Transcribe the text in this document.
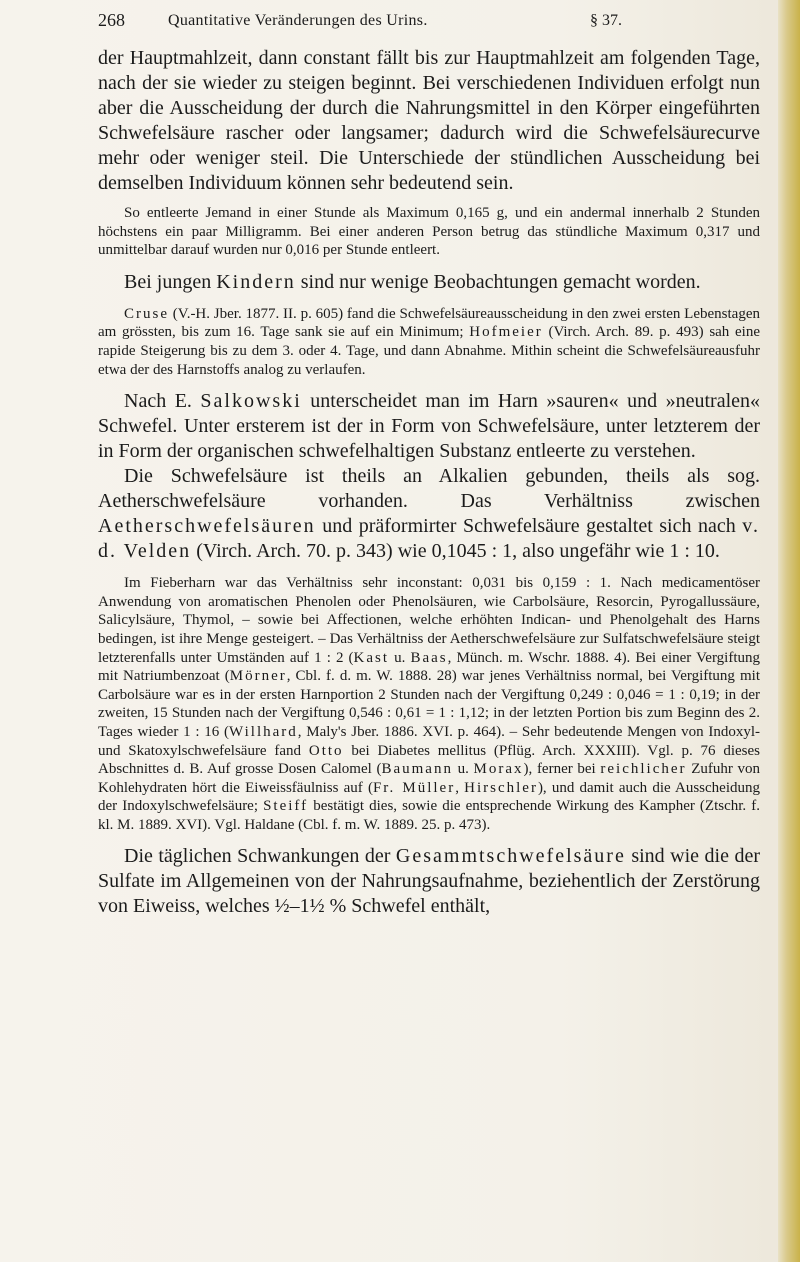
268	Quantitative Veränderungen des Urins.	§ 37.

der Hauptmahlzeit, dann constant fällt bis zur Hauptmahlzeit am folgenden Tage, nach der sie wieder zu steigen beginnt. Bei verschiedenen Individuen erfolgt nun aber die Ausscheidung der durch die Nahrungsmittel in den Körper eingeführten Schwefelsäure rascher oder langsamer; dadurch wird die Schwefelsäurecurve mehr oder weniger steil. Die Unterschiede der stündlichen Ausscheidung bei demselben Individuum können sehr bedeutend sein.

So entleerte Jemand in einer Stunde als Maximum 0,165 g, und ein andermal innerhalb 2 Stunden höchstens ein paar Milligramm. Bei einer anderen Person betrug das stündliche Maximum 0,317 und unmittelbar darauf wurden nur 0,016 per Stunde entleert.

Bei jungen Kindern sind nur wenige Beobachtungen gemacht worden.

Cruse (V.-H. Jber. 1877. II. p. 605) fand die Schwefelsäureausscheidung in den zwei ersten Lebenstagen am grössten, bis zum 16. Tage sank sie auf ein Minimum; Hofmeier (Virch. Arch. 89. p. 493) sah eine rapide Steigerung bis zu dem 3. oder 4. Tage, und dann Abnahme. Mithin scheint die Schwefelsäureausfuhr etwa der des Harnstoffs analog zu verlaufen.

Nach E. Salkowski unterscheidet man im Harn »sauren« und »neutralen« Schwefel. Unter ersterem ist der in Form von Schwefelsäure, unter letzterem der in Form der organischen schwefelhaltigen Substanz entleerte zu verstehen.

Die Schwefelsäure ist theils an Alkalien gebunden, theils als sog. Aetherschwefelsäure vorhanden. Das Verhältniss zwischen Aetherschwefelsäuren und präformirter Schwefelsäure gestaltet sich nach v. d. Velden (Virch. Arch. 70. p. 343) wie 0,1045 : 1, also ungefähr wie 1 : 10.

Im Fieberharn war das Verhältniss sehr inconstant: 0,031 bis 0,159 : 1. Nach medicamentöser Anwendung von aromatischen Phenolen oder Phenolsäuren, wie Carbolsäure, Resorcin, Pyrogallussäure, Salicylsäure, Thymol, – sowie bei Affectionen, welche erhöhten Indican- und Phenolgehalt des Harns bedingen, ist ihre Menge gesteigert. – Das Verhältniss der Aetherschwefelsäure zur Sulfatschwefelsäure steigt letzterenfalls unter Umständen auf 1 : 2 (Kast u. Baas, Münch. m. Wschr. 1888. 4). Bei einer Vergiftung mit Natriumbenzoat (Mörner, Cbl. f. d. m. W. 1888. 28) war jenes Verhältniss normal, bei Vergiftung mit Carbolsäure war es in der ersten Harnportion 2 Stunden nach der Vergiftung 0,249 : 0,046 = 1 : 0,19; in der zweiten, 15 Stunden nach der Vergiftung 0,546 : 0,61 = 1 : 1,12; in der letzten Portion bis zum Beginn des 2. Tages wieder 1 : 16 (Willhard, Maly's Jber. 1886. XVI. p. 464). – Sehr bedeutende Mengen von Indoxyl- und Skatoxylschwefelsäure fand Otto bei Diabetes mellitus (Pflüg. Arch. XXXIII). Vgl. p. 76 dieses Abschnittes d. B. Auf grosse Dosen Calomel (Baumann u. Morax), ferner bei reichlicher Zufuhr von Kohlehydraten hört die Eiweissfäulniss auf (Fr. Müller, Hirschler), und damit auch die Ausscheidung der Indoxylschwefelsäure; Steiff bestätigt dies, sowie die entsprechende Wirkung des Kampher (Ztschr. f. kl. M. 1889. XVI). Vgl. Haldane (Cbl. f. m. W. 1889. 25. p. 473).

Die täglichen Schwankungen der Gesammtschwefelsäure sind wie die der Sulfate im Allgemeinen von der Nahrungsaufnahme, beziehentlich der Zerstörung von Eiweiss, welches ½–1½ % Schwefel enthält,
